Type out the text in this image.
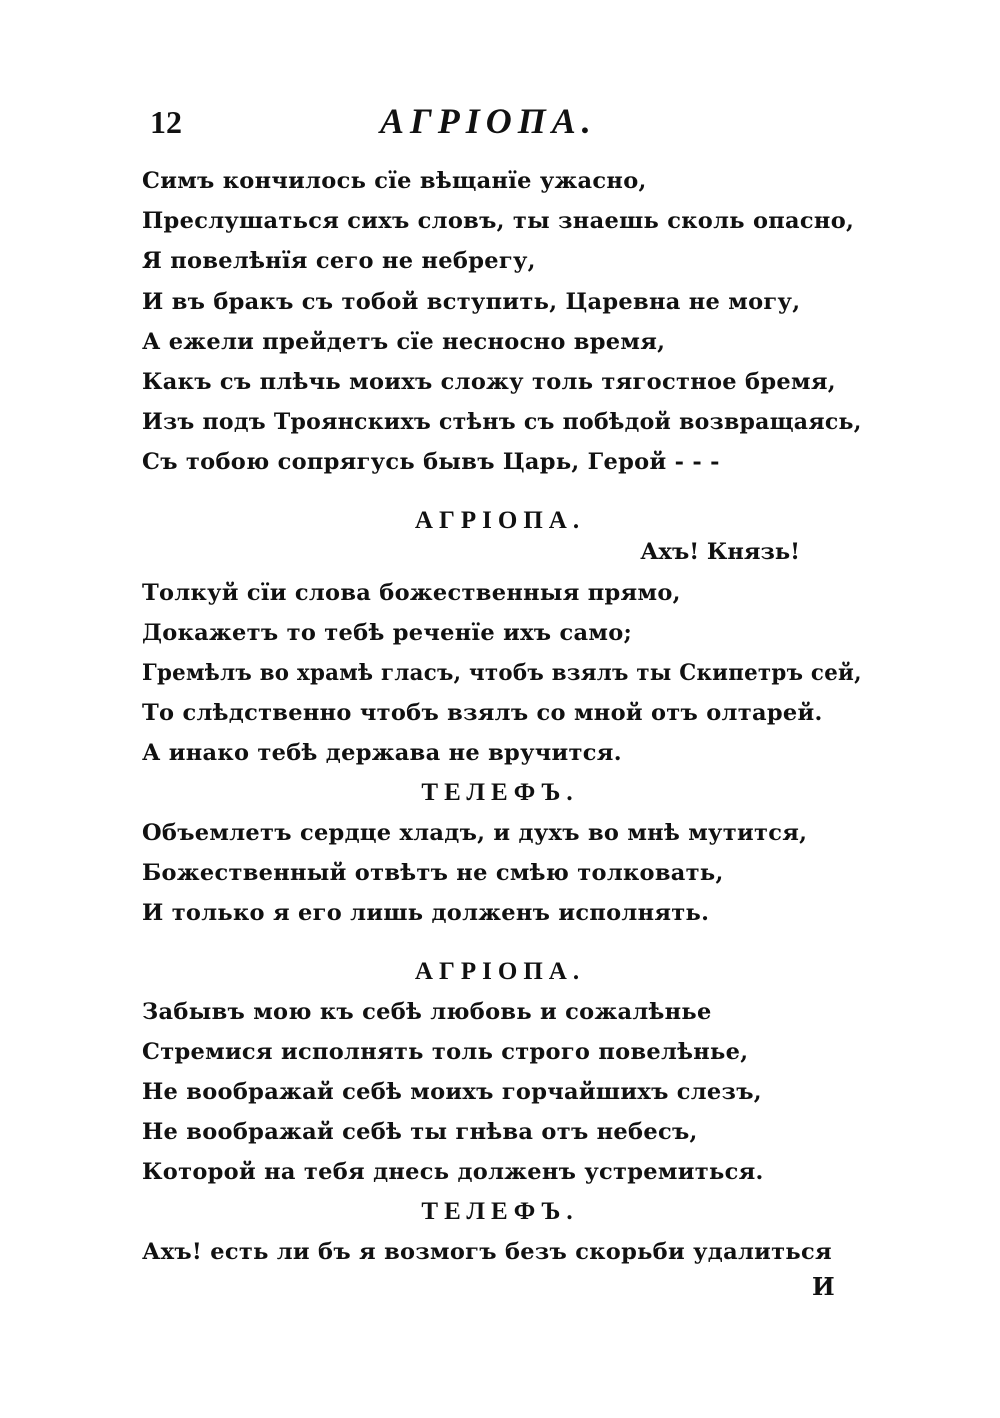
12	АГРІОПА.
Симъ кончилось сїе вѣщанїе ужасно,
Преслушаться сихъ словъ, ты знаешь сколь опасно,
Я повелѣнїя сего не небрегу,
И въ бракъ съ тобой вступить, Царевна не могу,
А ежели прейдетъ сїе несносно время,
Какъ съ плѣчь моихъ сложу толь тягостное бремя,
Изъ подъ Троянскихъ стѣнъ съ побѣдой возвращаясь,
Съ тобою сопрягусь бывъ Царь, Герой - - -
АГРІОПА.
Ахъ! Князь!
Толкуй сїи слова божественныя прямо,
Докажетъ то тебѣ реченїе ихъ само;
Гремѣлъ во храмѣ гласъ, чтобъ взялъ ты Скипетръ сей,
То слѣдственно чтобъ взялъ со мной отъ олтарей.
А инако тебѣ держава не вручится.
ТЕЛЕФЪ.
Объемлетъ сердце хладъ, и духъ во мнѣ мутится,
Божественный отвѣтъ не смѣю толковать,
И только я его лишь долженъ исполнять.
АГРІОПА.
Забывъ мою къ себѣ любовь и сожалѣнье
Стремися исполнять толь строго повелѣнье,
Не воображай себѣ моихъ горчайшихъ слезъ,
Не воображай себѣ ты гнѣва отъ небесъ,
Которой на тебя днесь долженъ устремиться.
ТЕЛЕФЪ.
Ахъ! есть ли бъ я возмогъ безъ скорьби удалиться
И
